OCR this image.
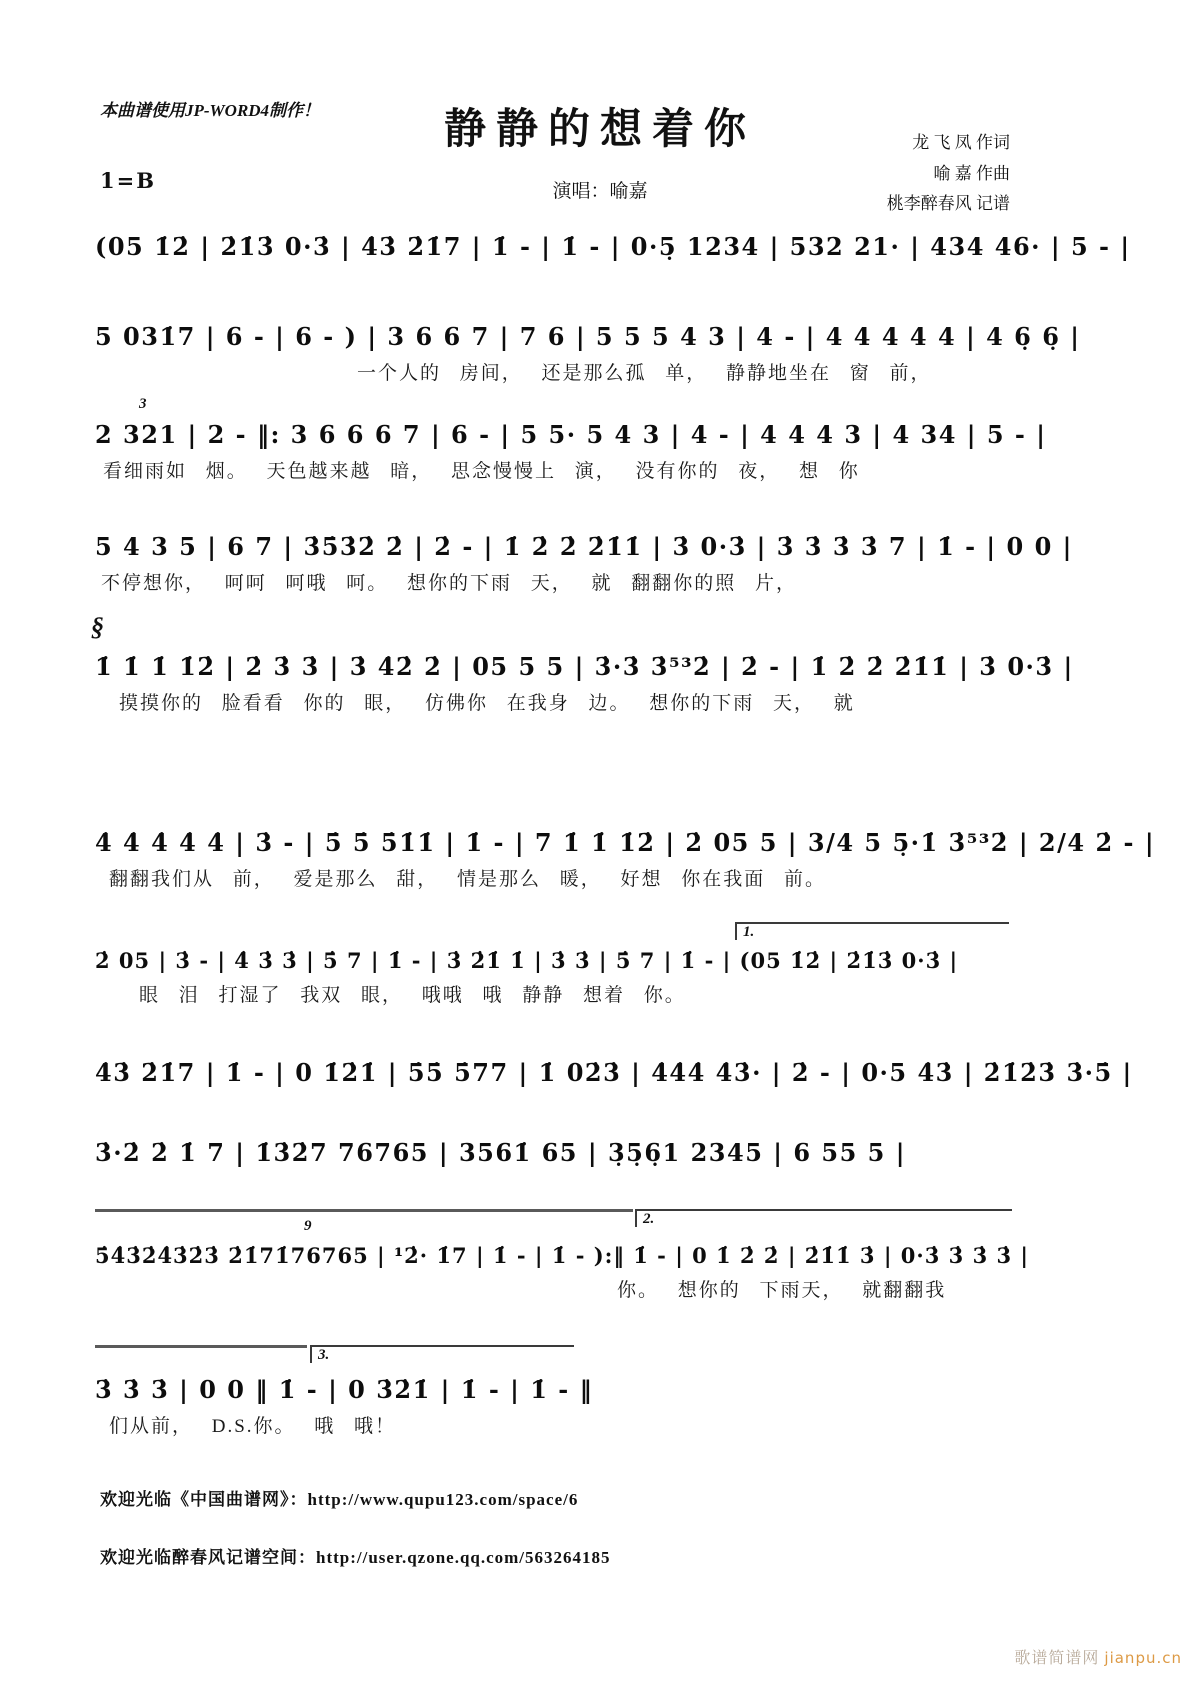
本曲谱使用JP-WORD4制作！	静静的想着你
1=B	演唱：喻嘉
龙 飞 凤 作词
喻 嘉 作曲
桃李醉春风 记谱
(05 1̇2̇ | 2̇1̇3̇ 0·3̇ | 4̇3̇ 2̇1̇7 | 1̇ - | 1̇ - | 0·5̣ 1234 | 532 21· | 434 46· | 5 - |
5 031̇7 | 6 - | 6 - ) | 3 6 6 7 | 7 6 | 5 5 5 4 3 | 4 - | 4 4 4 4 4 | 4 6̣ 6̣ |
一个人的 房间， 还是那么孤 单， 静静地坐在 窗 前，
3
2 321 | 2 - ‖: 3 6 6 6 7 | 6 - | 5 5· 5 4 3 | 4 - | 4 4 4 3 | 4 34 | 5 - |
看细雨如 烟。 天色越来越 暗， 思念慢慢上 演， 没有你的 夜， 想 你
5 4 3 5 | 6 7 | 3̇5̇3̇2̇ 2̇ | 2̇ - | 1̇ 2̇ 2̇ 2̇1̇1̇ | 3̇ 0·3̇ | 3̇ 3̇ 3̇ 3̇ 7 | 1̇ - | 0 0 |
不停想你， 呵呵 呵哦 呵。 想你的下雨 天， 就 翻翻你的照 片，
§
1̇ 1̇ 1̇ 1̇2̇ | 2̇ 3̇ 3̇ | 3̇ 4̇2̇ 2̇ | 05 5 5 | 3̇·3̇ 3̇⁵³2̇ | 2̇ - | 1̇ 2̇ 2̇ 2̇1̇1̇ | 3̇ 0·3̇ |
摸摸你的 脸看看 你的 眼， 仿佛你 在我身 边。 想你的下雨 天， 就
4̇ 4̇ 4̇ 4̇ 4̇ | 3̇ - | 5̇ 5̇ 5̇1̇1̇ | 1̇ - | 7 1̇ 1̇ 1̇2̇ | 2̇ 05 5 | 3/4 5 5̣·1̇ 3̇⁵³2̇ | 2/4 2̇ - |
翻翻我们从 前， 爱是那么 甜， 情是那么 暖， 好想 你在我面 前。
1.
2̇ 05 | 3̇ - | 4̇ 3̇ 3̇ | 5̇ 7 | 1̇ - | 3̇ 2̇1̇ 1̇ | 3̇ 3̇ | 5̇ 7 | 1̇ - | (05 1̇2̇ | 2̇1̇3̇ 0·3̇ |
眼 泪 打湿了 我双 眼， 哦哦 哦 静静 想着 你。
4̇3̇ 2̇1̇7 | 1̇ - | 0 1̇2̇1̇ | 5̇5̇ 5̇77 | 1̇ 02̇3̇ | 4̇4̇4̇ 4̇3̇· | 2̇ - | 0·5 4̇3̇ | 2̇1̇2̇3̇ 3̇·5̇ |
3̇·2̇ 2̇ 1̇ 7 | 1̇3̇2̇7 76765 | 3561̇ 65 | 3̣5̣6̣1 2345 | 6 55 5 |
2.
9
5̇4̇3̇2̇4̇3̇2̇3̇ 2̇1̇71̇76765 | ¹2̇· 1̇7 | 1̇ - | 1̇ - ):‖ 1̇ - | 0 1̇ 2̇ 2̇ | 2̇1̇1̇ 3̇ | 0·3̇ 3̇ 3̇ 3̇ |
你。 想你的 下雨天， 就翻翻我
3.
3̇ 3̇ 3̇ | 0 0 ‖ 1̇ - | 0 3̇2̇1̇ | 1̇ - | 1̇ - ‖
们从前， D.S.你。 哦 哦！
欢迎光临《中国曲谱网》：http://www.qupu123.com/space/6
欢迎光临醉春风记谱空间：http://user.qzone.qq.com/563264185
歌谱简谱网 jianpu.cn
